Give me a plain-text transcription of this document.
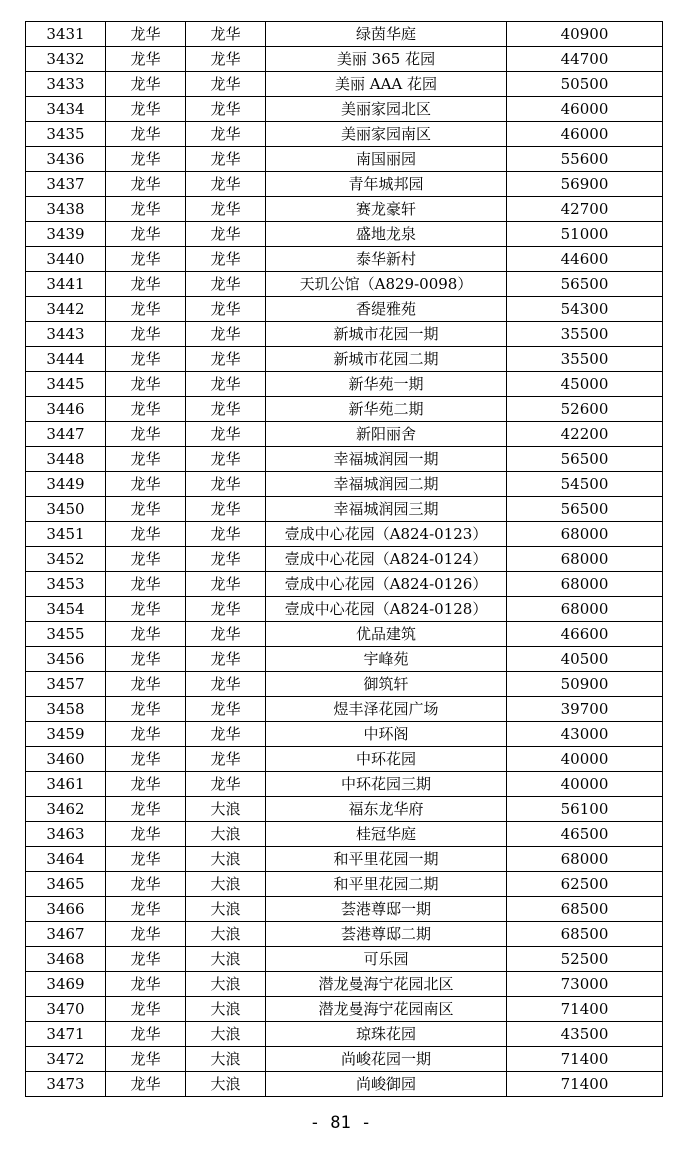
3431	龙华	龙华	绿茵华庭	40900
3432	龙华	龙华	美丽 365 花园	44700
3433	龙华	龙华	美丽 AAA 花园	50500
3434	龙华	龙华	美丽家园北区	46000
3435	龙华	龙华	美丽家园南区	46000
3436	龙华	龙华	南国丽园	55600
3437	龙华	龙华	青年城邦园	56900
3438	龙华	龙华	赛龙豪轩	42700
3439	龙华	龙华	盛地龙泉	51000
3440	龙华	龙华	泰华新村	44600
3441	龙华	龙华	天玑公馆（A829-0098）	56500
3442	龙华	龙华	香缇雅苑	54300
3443	龙华	龙华	新城市花园一期	35500
3444	龙华	龙华	新城市花园二期	35500
3445	龙华	龙华	新华苑一期	45000
3446	龙华	龙华	新华苑二期	52600
3447	龙华	龙华	新阳丽舍	42200
3448	龙华	龙华	幸福城润园一期	56500
3449	龙华	龙华	幸福城润园二期	54500
3450	龙华	龙华	幸福城润园三期	56500
3451	龙华	龙华	壹成中心花园（A824-0123）	68000
3452	龙华	龙华	壹成中心花园（A824-0124）	68000
3453	龙华	龙华	壹成中心花园（A824-0126）	68000
3454	龙华	龙华	壹成中心花园（A824-0128）	68000
3455	龙华	龙华	优品建筑	46600
3456	龙华	龙华	宇峰苑	40500
3457	龙华	龙华	御筑轩	50900
3458	龙华	龙华	煜丰泽花园广场	39700
3459	龙华	龙华	中环阁	43000
3460	龙华	龙华	中环花园	40000
3461	龙华	龙华	中环花园三期	40000
3462	龙华	大浪	福东龙华府	56100
3463	龙华	大浪	桂冠华庭	46500
3464	龙华	大浪	和平里花园一期	68000
3465	龙华	大浪	和平里花园二期	62500
3466	龙华	大浪	荟港尊邸一期	68500
3467	龙华	大浪	荟港尊邸二期	68500
3468	龙华	大浪	可乐园	52500
3469	龙华	大浪	潜龙曼海宁花园北区	73000
3470	龙华	大浪	潜龙曼海宁花园南区	71400
3471	龙华	大浪	琼珠花园	43500
3472	龙华	大浪	尚峻花园一期	71400
3473	龙华	大浪	尚峻御园	71400
- 81 -
